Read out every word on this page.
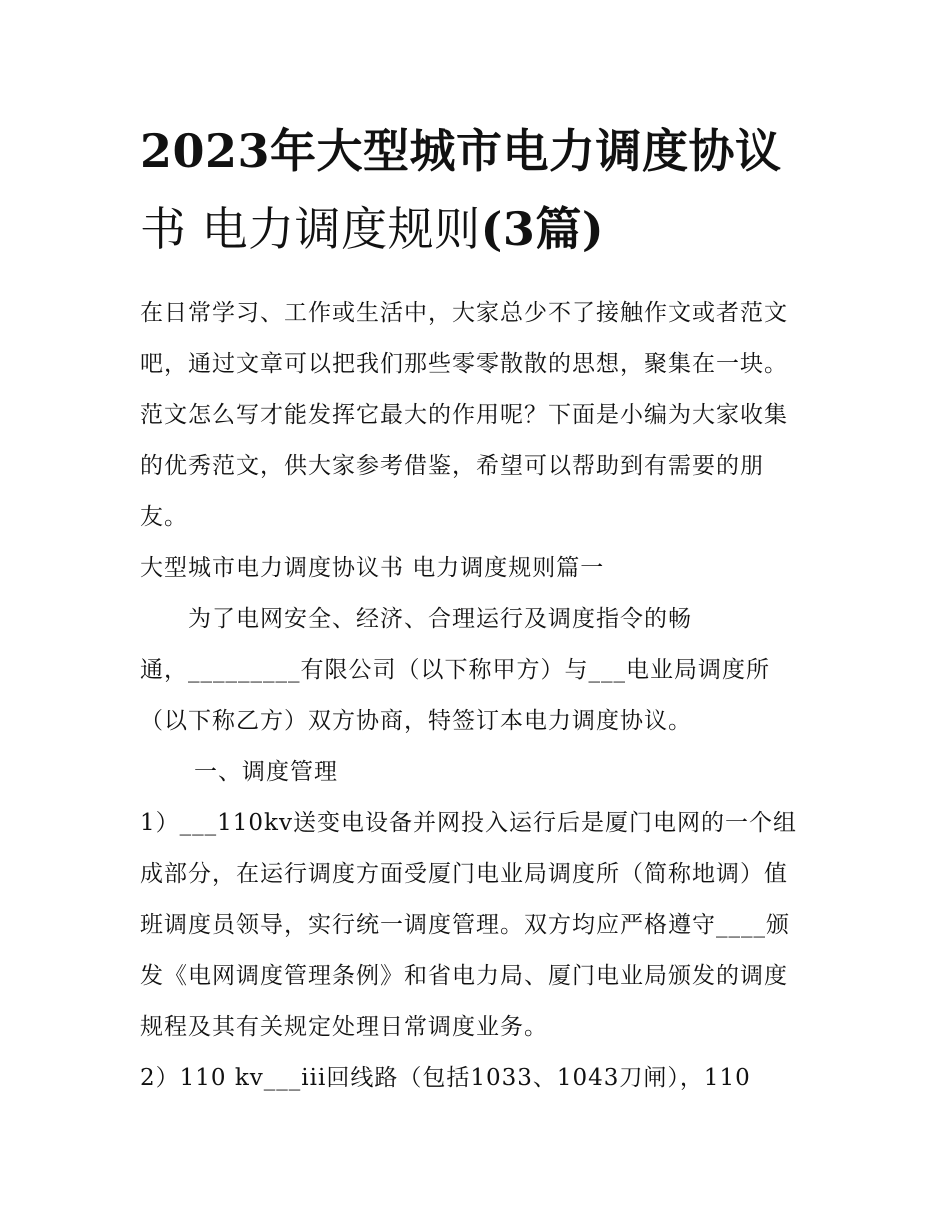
2023年大型城市电力调度协议
书 电力调度规则(3篇)
在日常学习、工作或生活中，大家总少不了接触作文或者范文
吧，通过文章可以把我们那些零零散散的思想，聚集在一块。
范文怎么写才能发挥它最大的作用呢？下面是小编为大家收集
的优秀范文，供大家参考借鉴，希望可以帮助到有需要的朋
友。
大型城市电力调度协议书 电力调度规则篇一
为了电网安全、经济、合理运行及调度指令的畅
通，_________有限公司（以下称甲方）与___电业局调度所
（以下称乙方）双方协商，特签订本电力调度协议。
一、调度管理
1）___110kv送变电设备并网投入运行后是厦门电网的一个组
成部分，在运行调度方面受厦门电业局调度所（简称地调）值
班调度员领导，实行统一调度管理。双方均应严格遵守____颁
发《电网调度管理条例》和省电力局、厦门电业局颁发的调度
规程及其有关规定处理日常调度业务。
2）110 kv___iii回线路（包括1033、1043刀闸），110
